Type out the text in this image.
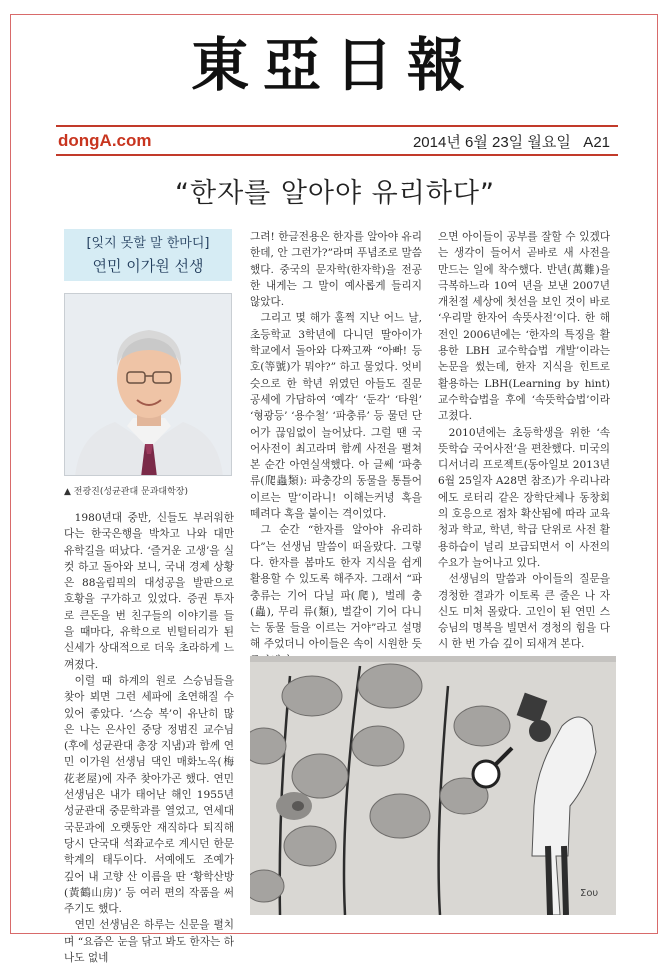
東亞日報
dongA.com	2014년 6월 23일 월요일   A21
“한자를 알아야 유리하다”
[잊지 못할 말 한마디]
연민 이가원 선생
▲ 전광진(성균관대 문과대학장)

1980년대 중반, 신들도 부러워한다는 한국은행을 박차고 나와 대만 유학길을 떠났다. ‘즐거운 고생’을 실컷 하고 돌아와 보니, 국내 경제 상황은 88올림픽의 대성공을 발판으로 호황을 구가하고 있었다. 증권 투자로 큰돈을 번 친구들의 이야기를 들을 때마다, 유학으로 빈털터리가 된 신세가 상대적으로 더욱 초라하게 느껴졌다.

이럴 때 하계의 원로 스승님들을 찾아 뵈면 그런 세파에 초연해질 수 있어 좋았다. ‘스승 복’이 유난히 많은 나는 은사인 중당 정범진 교수님(후에 성균관대 총장 지냄)과 함께 연민 이가원 선생님 댁인 매화노옥(梅花老屋)에 자주 찾아가곤 했다. 연민 선생님은 내가 태어난 해인 1955년 성균관대 중문학과를 열었고, 연세대 국문과에 오랫동안 재직하다 퇴직해 당시 단국대 석좌교수로 계시던 한문학계의 태두이다. 서예에도 조예가 깊어 내 고향 산 이름을 딴 ‘황학산방(黃鶴山房)’ 등 여러 편의 작품을 써주기도 했다.

연민 선생님은 하루는 신문을 펼치며 “요즘은 눈을 닦고 봐도 한자는 하나도 없네

그려! 한글전용은 한자를 알아야 유리한데, 안 그런가?”라며 푸념조로 말씀했다. 중국의 문자학(한자학)을 전공한 내게는 그 말이 예사롭게 들리지 않았다.

그리고 몇 해가 훌쩍 지난 어느 날, 초등학교 3학년에 다니던 딸아이가 학교에서 돌아와 다짜고짜 “아빠! 등호(等號)가 뭐야?” 하고 물었다. 엇비슷으로 한 학년 위였던 아들도 질문 공세에 가담하여 ‘예각’ ‘둔각’ ‘타원’ ‘형광등’ ‘용수철’ ‘파충류’ 등 물던 단어가 끊임없이 늘어났다. 그럴 땐 국어사전이 최고라며 함께 사전을 펼쳐 본 순간 아연실색했다. 아 글쎄 ‘파충류(爬蟲類): 파충강의 동물을 통틀어 이르는 말’이라니! 이해는커녕 혹을 떼려다 혹을 붙이는 격이었다.

그 순간 “한자를 알아야 유리하다”는 선생님 말씀이 떠올랐다. 그렇다. 한자를 봄마도 한자 지식을 쉽게 활용할 수 있도록 해주자. 그래서 “파충류는 기어 다닐 파(爬), 벌레 충(蟲), 무리 류(類), 벌갈이 기어 다니는 동물 들을 이르는 거야”라고 설명해 주었더니 아이들은 속이 시원한 듯

으면 아이들이 공부를 잘할 수 있겠다는 생각이 들어서 곧바로 새 사전을 만드는 일에 착수했다. 반년(萬難)을 극복하느라 10여 년을 보낸 2007년 개천절 세상에 첫선을 보인 것이 바로 ‘우리말 한자어 속뜻사전’이다. 한 해 전인 2006년에는 ‘한자의 특징을 활용한 LBH 교수학습법 개발’이라는 논문을 썼는데, 한자 지식을 힌트로 활용하는 LBH(Learning by hint) 교수학습법을 후에 ‘속뜻학습법’이라 고쳤다.

2010년에는 초등학생을 위한 ‘속뜻학습 국어사전’을 편찬했다. 미국의 디서너리 프로젝트(동아일보 2013년 6월 25일자 A28면 참조)가 우리나라에도 로터리 같은 장학단체나 동창회의 호응으로 점차 확산됨에 따라 교육청과 학교, 학년, 학급 단위로 사전 활용하습이 널리 보급되면서 이 사전의 수요가 늘어나고 있다.

선생님의 말씀과 아이들의 질문을 경청한 결과가 이토록 큰 줄은 나 자신도 미처 몰랐다. 고인이 된 연민 스승님의 명복을 빌면서 경청의 힘을 다시 한 번 가슴 깊이 되새겨 본다.

Σου
